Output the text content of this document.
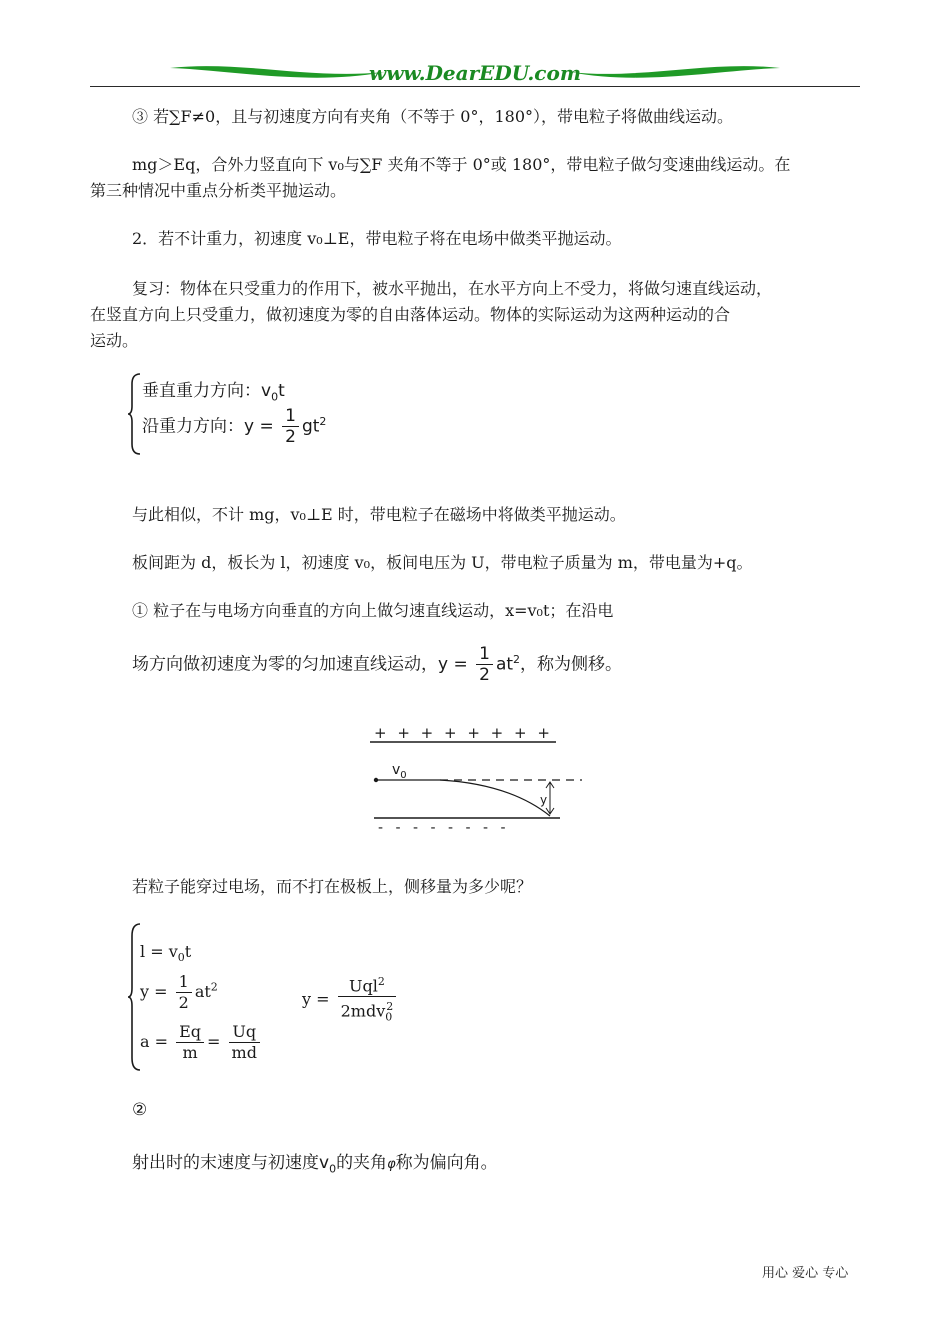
www.DearEDU.com
③ 若∑F≠0，且与初速度方向有夹角（不等于 0°，180°），带电粒子将做曲线运动。
mg＞Eq，合外力竖直向下 v₀与∑F 夹角不等于 0°或 180°，带电粒子做匀变速曲线运动。在
第三种情况中重点分析类平抛运动。
2．若不计重力，初速度 v₀⊥E，带电粒子将在电场中做类平抛运动。
复习：物体在只受重力的作用下，被水平抛出，在水平方向上不受力，将做匀速直线运动，
在竖直方向上只受重力，做初速度为零的自由落体运动。物体的实际运动为这两种运动的合
运动。
垂直重力方向：$v_0t$
沿重力方向：$y = \frac{1}{2} gt^2$
与此相似，不计 mg，v₀⊥E 时，带电粒子在磁场中将做类平抛运动。
板间距为 d，板长为 l，初速度 v₀，板间电压为 U，带电粒子质量为 m，带电量为+q。
① 粒子在与电场方向垂直的方向上做匀速直线运动，x=v₀t；在沿电
场方向做初速度为零的匀加速直线运动，$y = \frac{1}{2} at^2$，称为侧移。
+ + + + + + + +
$v_0$
y
- - - - - - - -
若粒子能穿过电场，而不打在极板上，侧移量为多少呢？
$l = v_0t$
$y = \frac{1}{2} at^2$
$a = \frac{Eq}{m} = \frac{Uq}{md}$
$y = \frac{Uql^2}{2mdv_0^2}$
②
射出时的末速度与初速度$v_0$的夹角φ称为偏向角。
用心 爱心 专心
